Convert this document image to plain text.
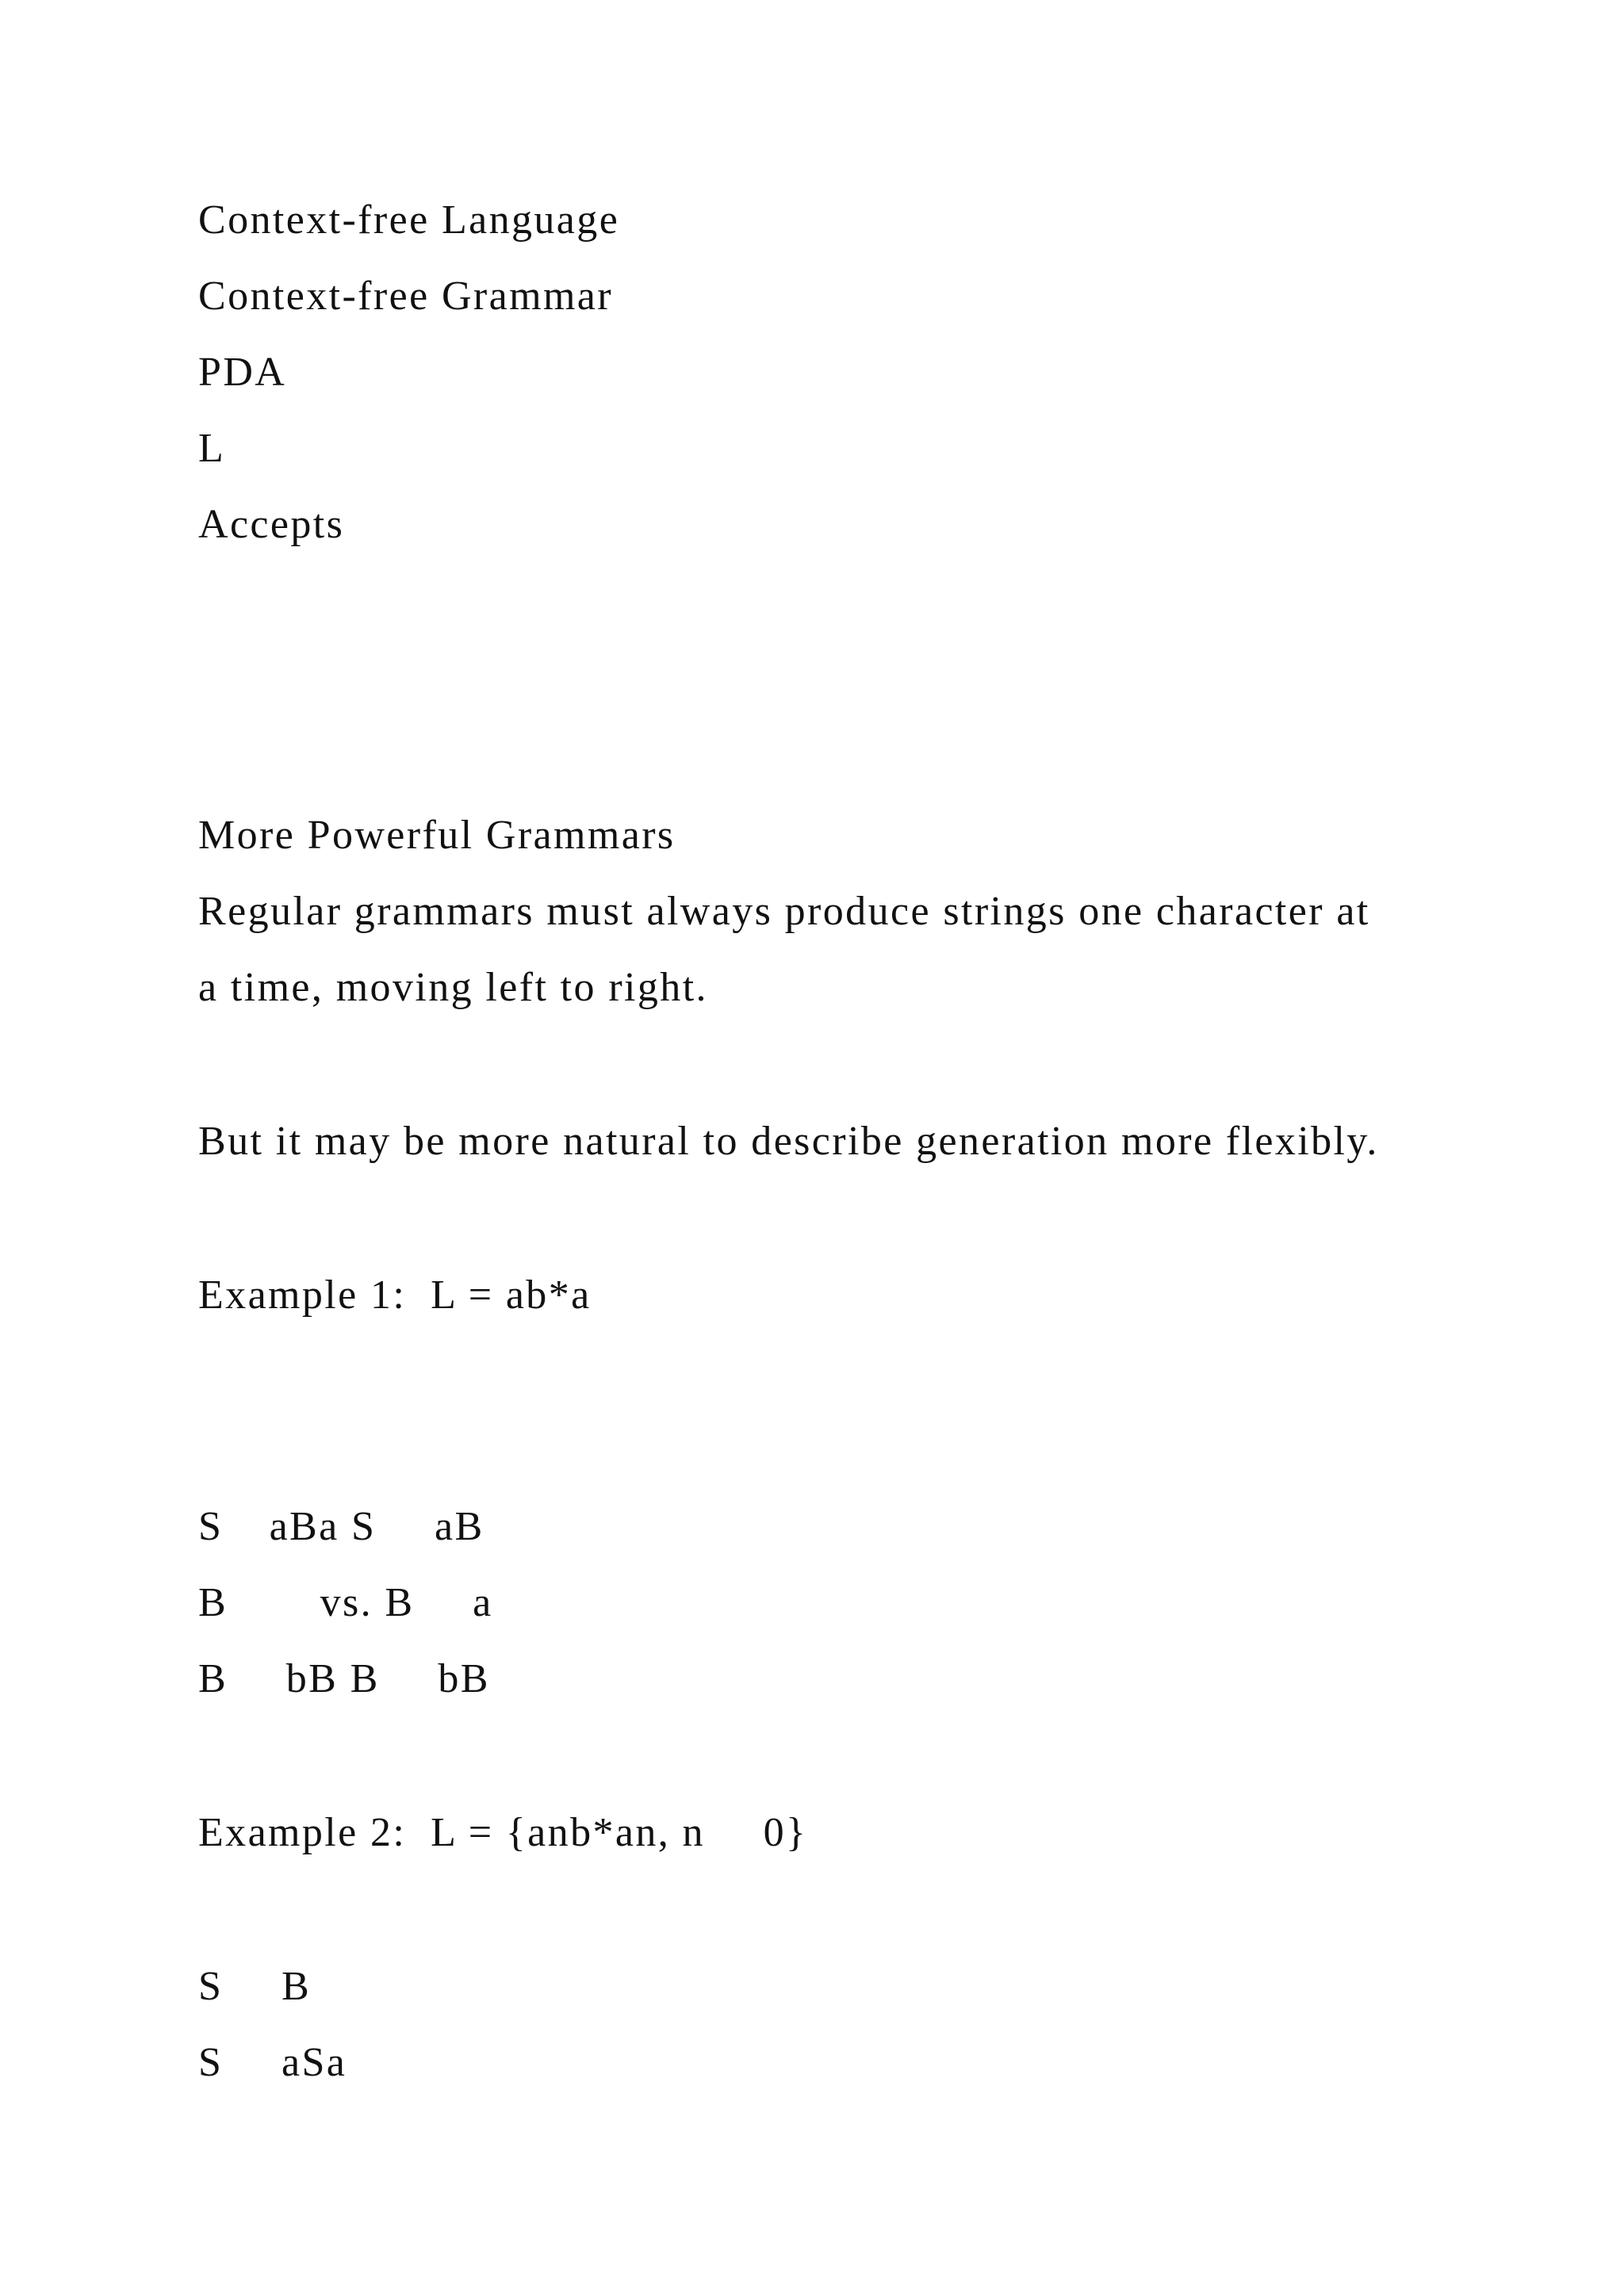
Context-free Language
Context-free Grammar
PDA
L
Accepts
More Powerful Grammars
Regular grammars must always produce strings one character at
a time, moving left to right.
But it may be more natural to describe generation more flexibly.
Example 1:  L = ab*a
S  aBa S   aB
B    vs. B   a
B   bB B   bB
Example 2:  L = {anb*an, n   0}
S   B
S   aSa
